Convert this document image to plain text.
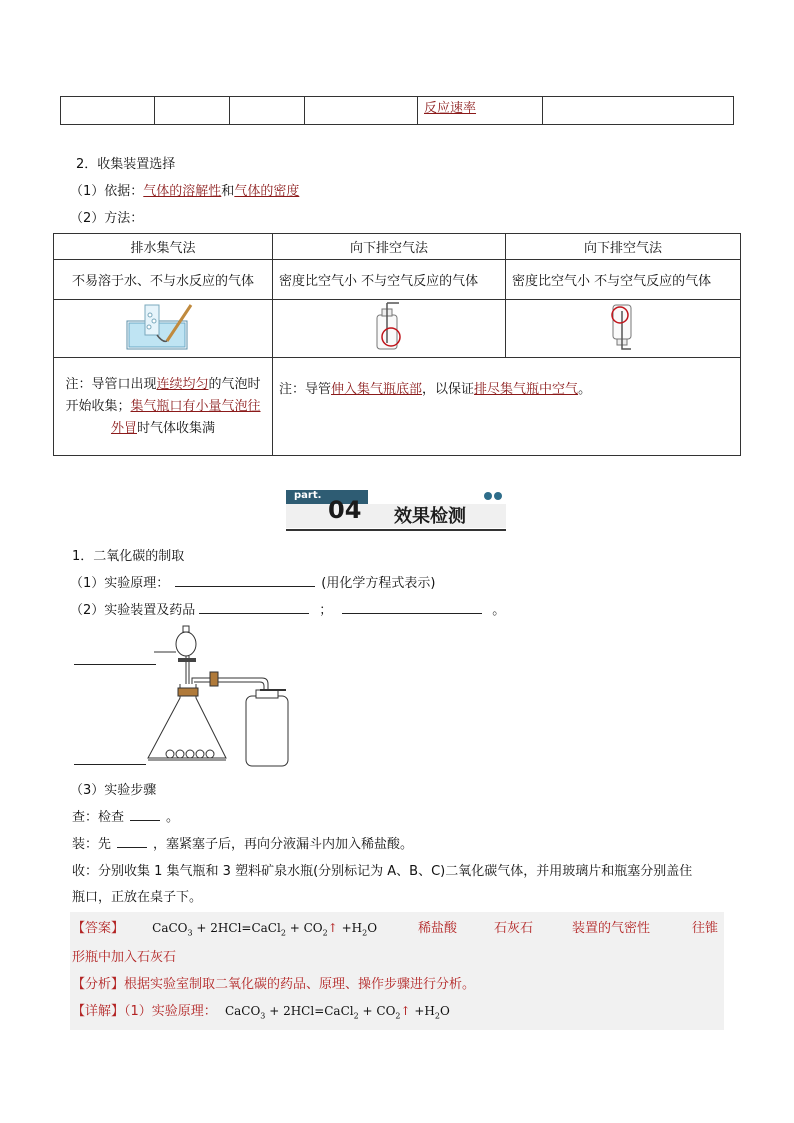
				反应速率	
2．收集装置选择
（1）依据：气体的溶解性和气体的密度
（2）方法：
排水集气法	向下排空气法	向下排空气法
不易溶于水、不与水反应的气体	密度比空气小 不与空气反应的气体	密度比空气小 不与空气反应的气体

注：导管口出现连续均匀的气泡时开始收集；集气瓶口有小量气泡往外冒时气体收集满	注：导管伸入集气瓶底部，以保证排尽集气瓶中空气。	
part.
04 效果检测
1．二氧化碳的制取
（1）实验原理：	(用化学方程式表示)
（2）实验装置及药品	；	。
（3）实验步骤
查：检查	。
装：先	，塞紧塞子后，再向分液漏斗内加入稀盐酸。
收：分别收集 1 集气瓶和 3 塑料矿泉水瓶(分别标记为 A、B、C)二氧化碳气体，并用玻璃片和瓶塞分别盖住
瓶口，正放在桌子下。
【答案】 CaCO$_3$ + 2HCl=CaCl$_2$ + $CO_2↑ +H_2O$	稀盐酸	石灰石	装置的气密性	往锥
形瓶中加入石灰石
【分析】根据实验室制取二氧化碳的药品、原理、操作步骤进行分析。
【详解】（1）实验原理： CaCO$_3$ + 2HCl=CaCl$_2$ + $CO_2↑ +H_2O$
